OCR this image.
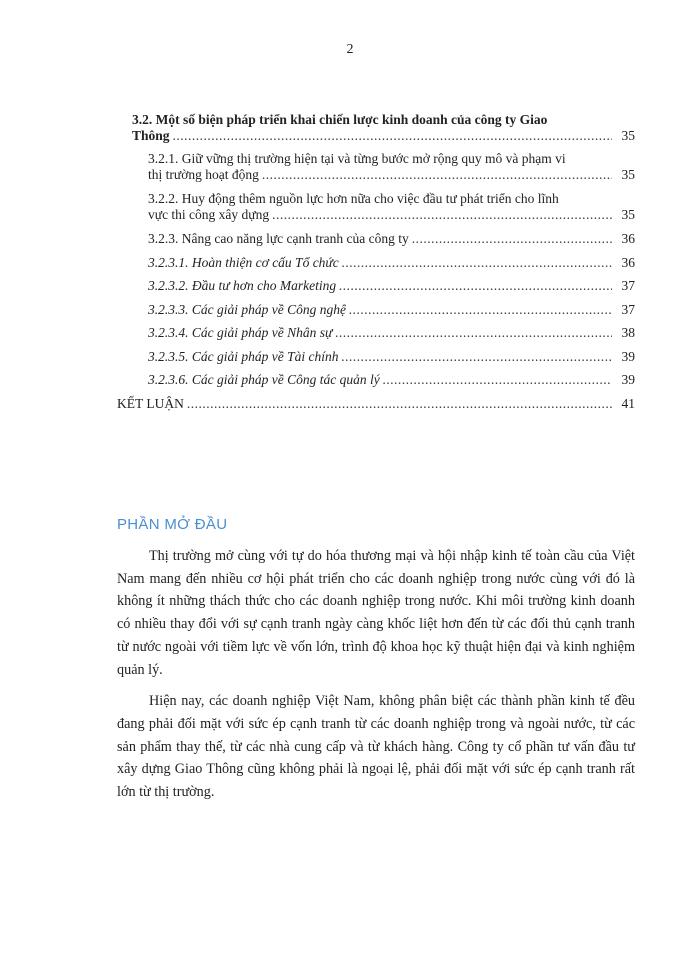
2
3.2. Một số biện pháp triển khai chiến lược kinh doanh của công ty Giao
Thông .....	35
3.2.1. Giữ vững thị trường hiện tại và từng bước mở rộng quy mô và phạm vi
thị trường hoạt động .....	35
3.2.2. Huy động thêm nguồn lực hơn nữa cho việc đầu tư phát triển cho lĩnh
vực thi công xây dựng .....	35
3.2.3. Nâng cao năng lực cạnh tranh của công ty .....	36
3.2.3.1. Hoàn thiện cơ cấu Tổ chức .....	36
3.2.3.2. Đầu tư hơn cho Marketing .....	37
3.2.3.3. Các giải pháp về Công nghệ .....	37
3.2.3.4. Các giải pháp về Nhân sự .....	38
3.2.3.5. Các giải pháp về Tài chính .....	39
3.2.3.6. Các giải pháp về Công tác quản lý .....	39
KẾT LUẬN .....	41
PHẦN MỞ ĐẦU

Thị trường mở cùng với tự do hóa thương mại và hội nhập kinh tế toàn cầu của Việt Nam mang đến nhiều cơ hội phát triển cho các doanh nghiệp trong nước cùng với đó là không ít những thách thức cho các doanh nghiệp trong nước. Khi môi trường kinh doanh có nhiều thay đổi với sự cạnh tranh ngày càng khốc liệt hơn đến từ các đối thủ cạnh tranh từ nước ngoài với tiềm lực về vốn lớn, trình độ khoa học kỹ thuật hiện đại và kinh nghiệm quản lý.

Hiện nay, các doanh nghiệp Việt Nam, không phân biệt các thành phần kinh tế đều đang phải đối mặt với sức ép cạnh tranh từ các doanh nghiệp trong và ngoài nước, từ các sản phẩm thay thế, từ các nhà cung cấp và từ khách hàng. Công ty cổ phần tư vấn đầu tư xây dựng Giao Thông cũng không phải là ngoại lệ, phải đối mặt với sức ép cạnh tranh rất lớn từ thị trường.
